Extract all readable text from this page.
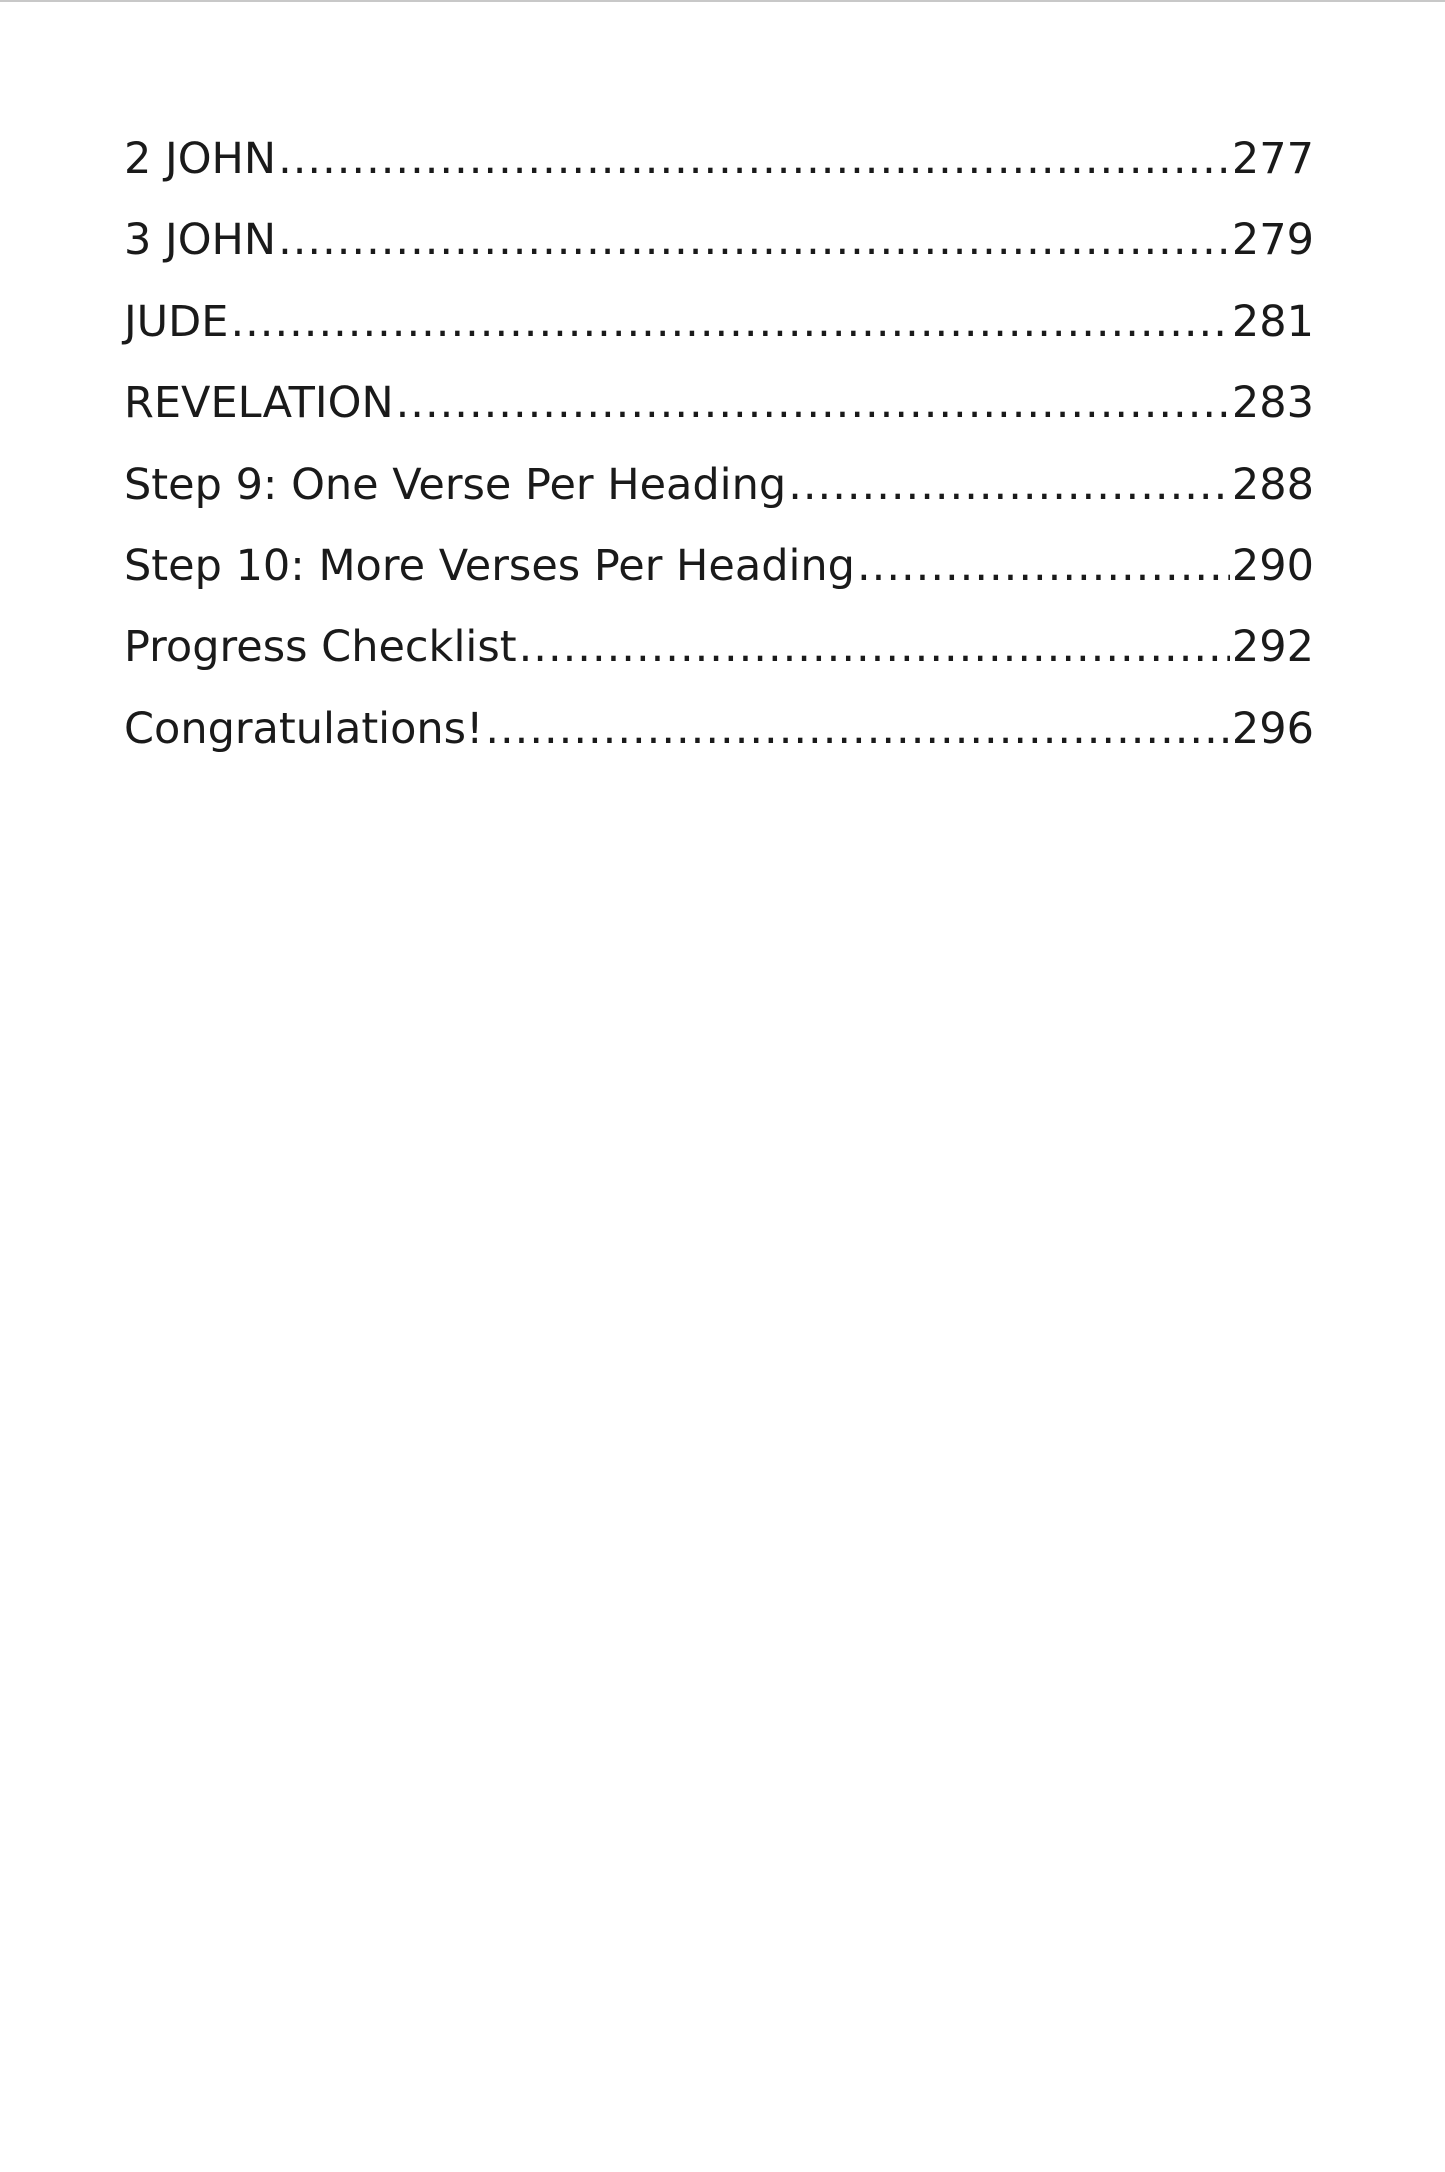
2 JOHN .....	277
3 JOHN .....	279
JUDE .....	281
REVELATION .....	283
Step 9: One Verse Per Heading .....	288
Step 10: More Verses Per Heading .....	290
Progress Checklist .....	292
Congratulations! .....	296
